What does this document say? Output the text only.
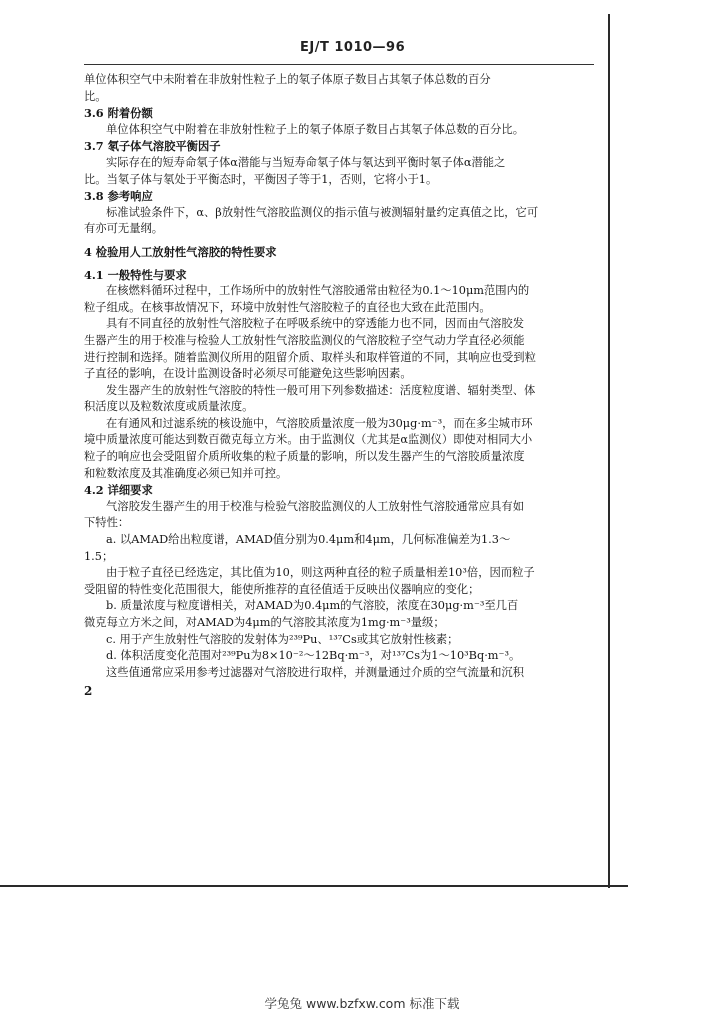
EJ/T 1010—96
单位体积空气中未附着在非放射性粒子上的氡子体原子数目占其氡子体总数的百分
比。
3.6 附着份额
单位体积空气中附着在非放射性粒子上的氡子体原子数目占其氡子体总数的百分比。
3.7 氡子体气溶胶平衡因子
实际存在的短寿命氡子体α潜能与当短寿命氡子体与氡达到平衡时氡子体α潜能之
比。当氡子体与氡处于平衡态时，平衡因子等于1，否则，它将小于1。
3.8 参考响应
标准试验条件下，α、β放射性气溶胶监测仪的指示值与被测辐射量约定真值之比，它可
有亦可无量纲。
4 检验用人工放射性气溶胶的特性要求
4.1 一般特性与要求
在核燃料循环过程中，工作场所中的放射性气溶胶通常由粒径为0.1～10μm范围内的
粒子组成。在核事故情况下，环境中放射性气溶胶粒子的直径也大致在此范围内。
具有不同直径的放射性气溶胶粒子在呼吸系统中的穿透能力也不同，因而由气溶胶发
生器产生的用于校准与检验人工放射性气溶胶监测仪的气溶胶粒子空气动力学直径必须能
进行控制和选择。随着监测仪所用的阻留介质、取样头和取样管道的不同，其响应也受到粒
子直径的影响，在设计监测设备时必须尽可能避免这些影响因素。
发生器产生的放射性气溶胶的特性一般可用下列参数描述：活度粒度谱、辐射类型、体
积活度以及粒数浓度或质量浓度。
在有通风和过滤系统的核设施中，气溶胶质量浓度一般为30μg·m⁻³，而在多尘城市环
境中质量浓度可能达到数百微克每立方米。由于监测仪（尤其是α监测仪）即使对相同大小
粒子的响应也会受阻留介质所收集的粒子质量的影响，所以发生器产生的气溶胶质量浓度
和粒数浓度及其准确度必须已知并可控。
4.2 详细要求
气溶胶发生器产生的用于校准与检验气溶胶监测仪的人工放射性气溶胶通常应具有如
下特性：
a. 以AMAD给出粒度谱，AMAD值分别为0.4μm和4μm，几何标准偏差为1.3～
1.5；
由于粒子直径已经选定，其比值为10，则这两种直径的粒子质量相差10³倍，因而粒子
受阻留的特性变化范围很大，能使所推荐的直径值适于反映出仪器响应的变化；
b. 质量浓度与粒度谱相关，对AMAD为0.4μm的气溶胶，浓度在30μg·m⁻³至几百
微克每立方米之间，对AMAD为4μm的气溶胶其浓度为1mg·m⁻³量级；
c. 用于产生放射性气溶胶的发射体为²³⁹Pu、¹³⁷Cs或其它放射性核素；
d. 体积活度变化范围对²³⁹Pu为8×10⁻²～12Bq·m⁻³，对¹³⁷Cs为1～10³Bq·m⁻³。
这些值通常应采用参考过滤器对气溶胶进行取样，并测量通过介质的空气流量和沉积
2
学兔兔 www.bzfxw.com 标准下载
